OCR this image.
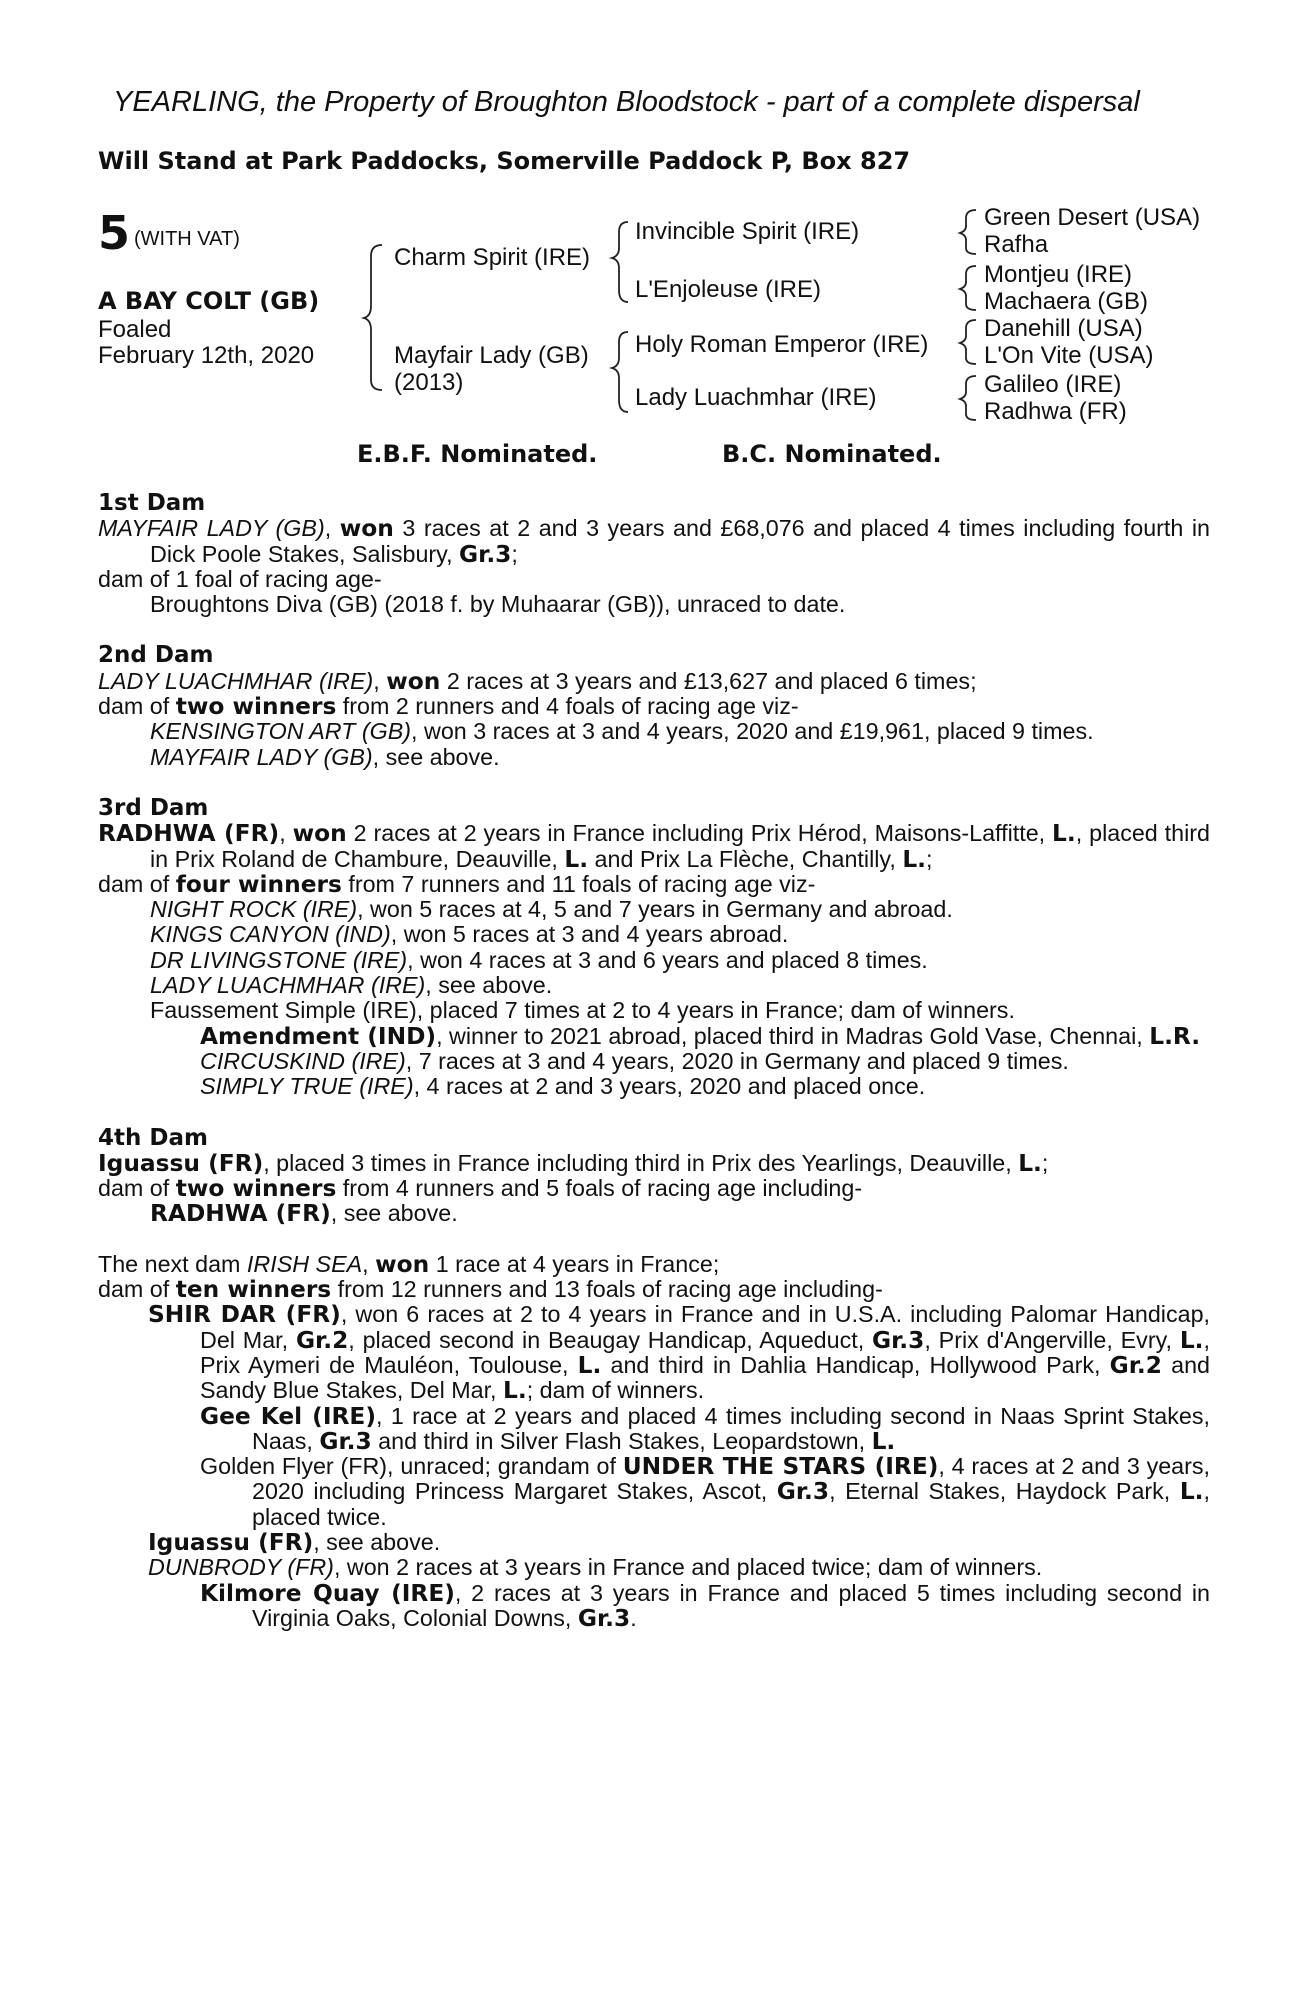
YEARLING, the Property of Broughton Bloodstock - part of a complete dispersal
Will Stand at Park Paddocks, Somerville Paddock P, Box 827
5 (WITH VAT)
A BAY COLT (GB)
Foaled
February 12th, 2020
Charm Spirit (IRE)
Mayfair Lady (GB)
(2013)
Invincible Spirit (IRE)
L'Enjoleuse (IRE)
Holy Roman Emperor (IRE)
Lady Luachmhar (IRE)
Green Desert (USA)
Rafha
Montjeu (IRE)
Machaera (GB)
Danehill (USA)
L'On Vite (USA)
Galileo (IRE)
Radhwa (FR)
E.B.F. Nominated.	B.C. Nominated.

1st Dam

MAYFAIR LADY (GB), won 3 races at 2 and 3 years and £68,076 and placed 4 times including fourth in Dick Poole Stakes, Salisbury, Gr.3;

dam of 1 foal of racing age-

Broughtons Diva (GB) (2018 f. by Muhaarar (GB)), unraced to date.

2nd Dam

LADY LUACHMHAR (IRE), won 2 races at 3 years and £13,627 and placed 6 times;

dam of two winners from 2 runners and 4 foals of racing age viz-

KENSINGTON ART (GB), won 3 races at 3 and 4 years, 2020 and £19,961, placed 9 times.

MAYFAIR LADY (GB), see above.

3rd Dam

RADHWA (FR), won 2 races at 2 years in France including Prix Hérod, Maisons-Laffitte, L., placed third in Prix Roland de Chambure, Deauville, L. and Prix La Flèche, Chantilly, L.;

dam of four winners from 7 runners and 11 foals of racing age viz-

NIGHT ROCK (IRE), won 5 races at 4, 5 and 7 years in Germany and abroad.

KINGS CANYON (IND), won 5 races at 3 and 4 years abroad.

DR LIVINGSTONE (IRE), won 4 races at 3 and 6 years and placed 8 times.

LADY LUACHMHAR (IRE), see above.

Faussement Simple (IRE), placed 7 times at 2 to 4 years in France; dam of winners.

Amendment (IND), winner to 2021 abroad, placed third in Madras Gold Vase, Chennai, L.R.

CIRCUSKIND (IRE), 7 races at 3 and 4 years, 2020 in Germany and placed 9 times.

SIMPLY TRUE (IRE), 4 races at 2 and 3 years, 2020 and placed once.

4th Dam

Iguassu (FR), placed 3 times in France including third in Prix des Yearlings, Deauville, L.;

dam of two winners from 4 runners and 5 foals of racing age including-

RADHWA (FR), see above.

The next dam IRISH SEA, won 1 race at 4 years in France;

dam of ten winners from 12 runners and 13 foals of racing age including-

SHIR DAR (FR), won 6 races at 2 to 4 years in France and in U.S.A. including Palomar Handicap, Del Mar, Gr.2, placed second in Beaugay Handicap, Aqueduct, Gr.3, Prix d'Angerville, Evry, L., Prix Aymeri de Mauléon, Toulouse, L. and third in Dahlia Handicap, Hollywood Park, Gr.2 and Sandy Blue Stakes, Del Mar, L.; dam of winners.

Gee Kel (IRE), 1 race at 2 years and placed 4 times including second in Naas Sprint Stakes, Naas, Gr.3 and third in Silver Flash Stakes, Leopardstown, L.

Golden Flyer (FR), unraced; grandam of UNDER THE STARS (IRE), 4 races at 2 and 3 years, 2020 including Princess Margaret Stakes, Ascot, Gr.3, Eternal Stakes, Haydock Park, L., placed twice.

Iguassu (FR), see above.

DUNBRODY (FR), won 2 races at 3 years in France and placed twice; dam of winners.

Kilmore Quay (IRE), 2 races at 3 years in France and placed 5 times including second in Virginia Oaks, Colonial Downs, Gr.3.
